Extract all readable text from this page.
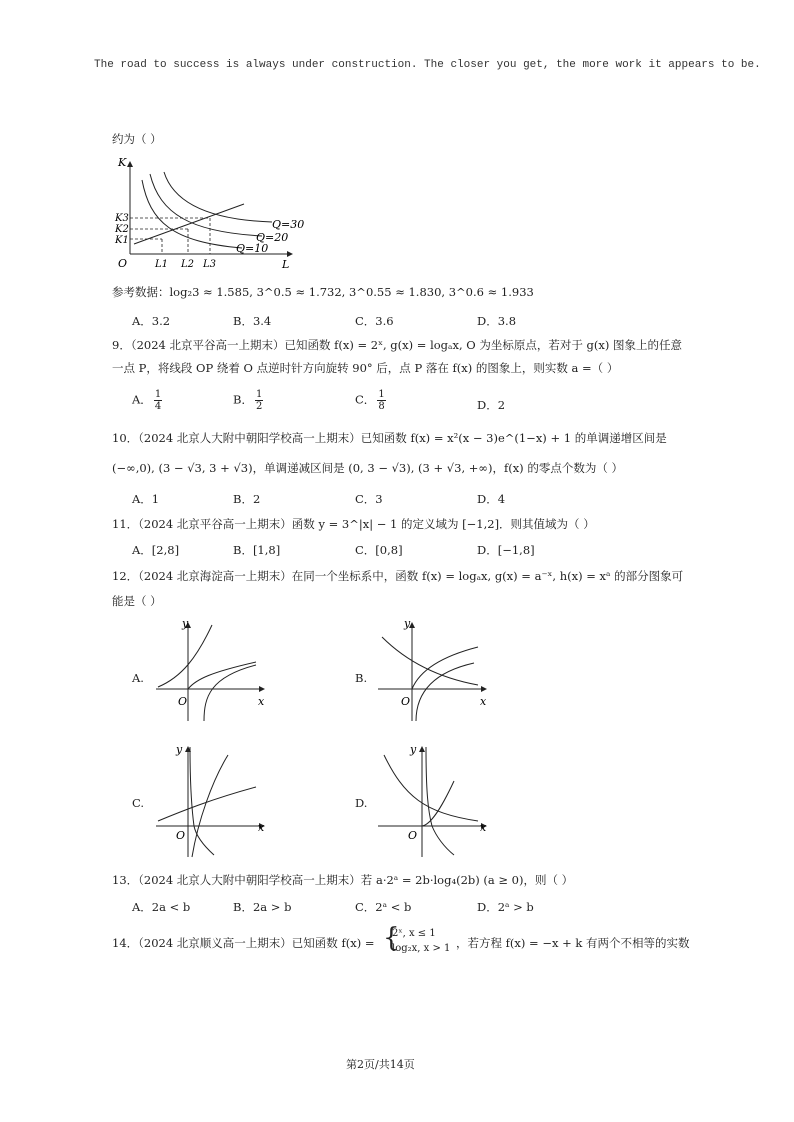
The road to success is always under construction. The closer you get, the more work it appears to be.
约为（ ）
K
L
O
K3
K2
K1
L1 L2 L3
Q=30
Q=20
Q=10
参考数据：log₂3 ≈ 1.585, 3^0.5 ≈ 1.732, 3^0.55 ≈ 1.830, 3^0.6 ≈ 1.933
A．3.2	B．3.4	C．3.6	D．3.8
9．（2024 北京平谷高一上期末）已知函数 f(x) = 2ˣ, g(x) = logₐx, O 为坐标原点，若对于 g(x) 图象上的任意
一点 P，将线段 OP 绕着 O 点逆时针方向旋转 90° 后，点 P 落在 f(x) 的图象上，则实数 a =（ ）
A． $\frac{1}{4}$	B． $\frac{1}{2}$	C． $\frac{1}{8}$	D．2
10．（2024 北京人大附中朝阳学校高一上期末）已知函数 f(x) = x²(x − 3)e^(1−x) + 1 的单调递增区间是
(−∞,0), (3 − √3, 3 + √3)，单调递减区间是 (0, 3 − √3), (3 + √3, +∞)，f(x) 的零点个数为（ ）
A．1	B．2	C．3	D．4
11．（2024 北京平谷高一上期末）函数 y = 3^|x| − 1 的定义域为 [−1,2]．则其值域为（ ）
A．[2,8]	B．[1,8]	C．[0,8]	D．[−1,8]
12．（2024 北京海淀高一上期末）在同一个坐标系中，函数 f(x) = logₐx, g(x) = a⁻ˣ, h(x) = xᵃ 的部分图象可
能是（ ）
A.
y
x
O
B.
y
x
O
C.
y
x
O
D.
y
x
O
13．（2024 北京人大附中朝阳学校高一上期末）若 a·2ᵃ = 2b·log₄(2b) (a ≥ 0)，则（ ）
A．2a < b	B．2a > b	C．2ᵃ < b	D．2ᵃ > b
14．（2024 北京顺义高一上期末）已知函数 f(x) = {
2ˣ, x ≤ 1
log₂x, x > 1 ，若方程 f(x) = −x + k 有两个不相等的实数
第2页/共14页
